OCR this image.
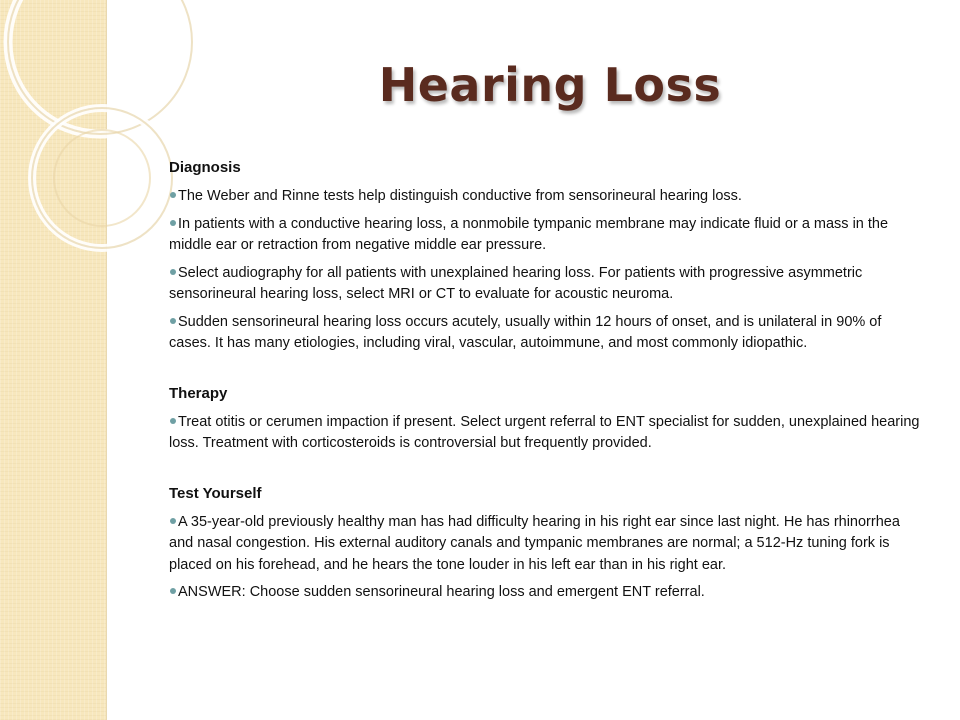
Hearing Loss
Diagnosis
The Weber and Rinne tests help distinguish conductive from sensorineural hearing loss.
In patients with a conductive hearing loss, a nonmobile tympanic membrane may indicate fluid or a mass in the middle ear or retraction from negative middle ear pressure.
Select audiography for all patients with unexplained hearing loss. For patients with progressive asymmetric sensorineural hearing loss, select MRI or CT to evaluate for acoustic neuroma.
Sudden sensorineural hearing loss occurs acutely, usually within 12 hours of onset, and is unilateral in 90% of cases. It has many etiologies, including viral, vascular, autoimmune, and most commonly idiopathic.
Therapy
Treat otitis or cerumen impaction if present. Select urgent referral to ENT specialist for sudden, unexplained hearing loss. Treatment with corticosteroids is controversial but frequently provided.
Test Yourself
A 35-year-old previously healthy man has had difficulty hearing in his right ear since last night. He has rhinorrhea and nasal congestion. His external auditory canals and tympanic membranes are normal; a 512-Hz tuning fork is placed on his forehead, and he hears the tone louder in his left ear than in his right ear.
ANSWER: Choose sudden sensorineural hearing loss and emergent ENT referral.
